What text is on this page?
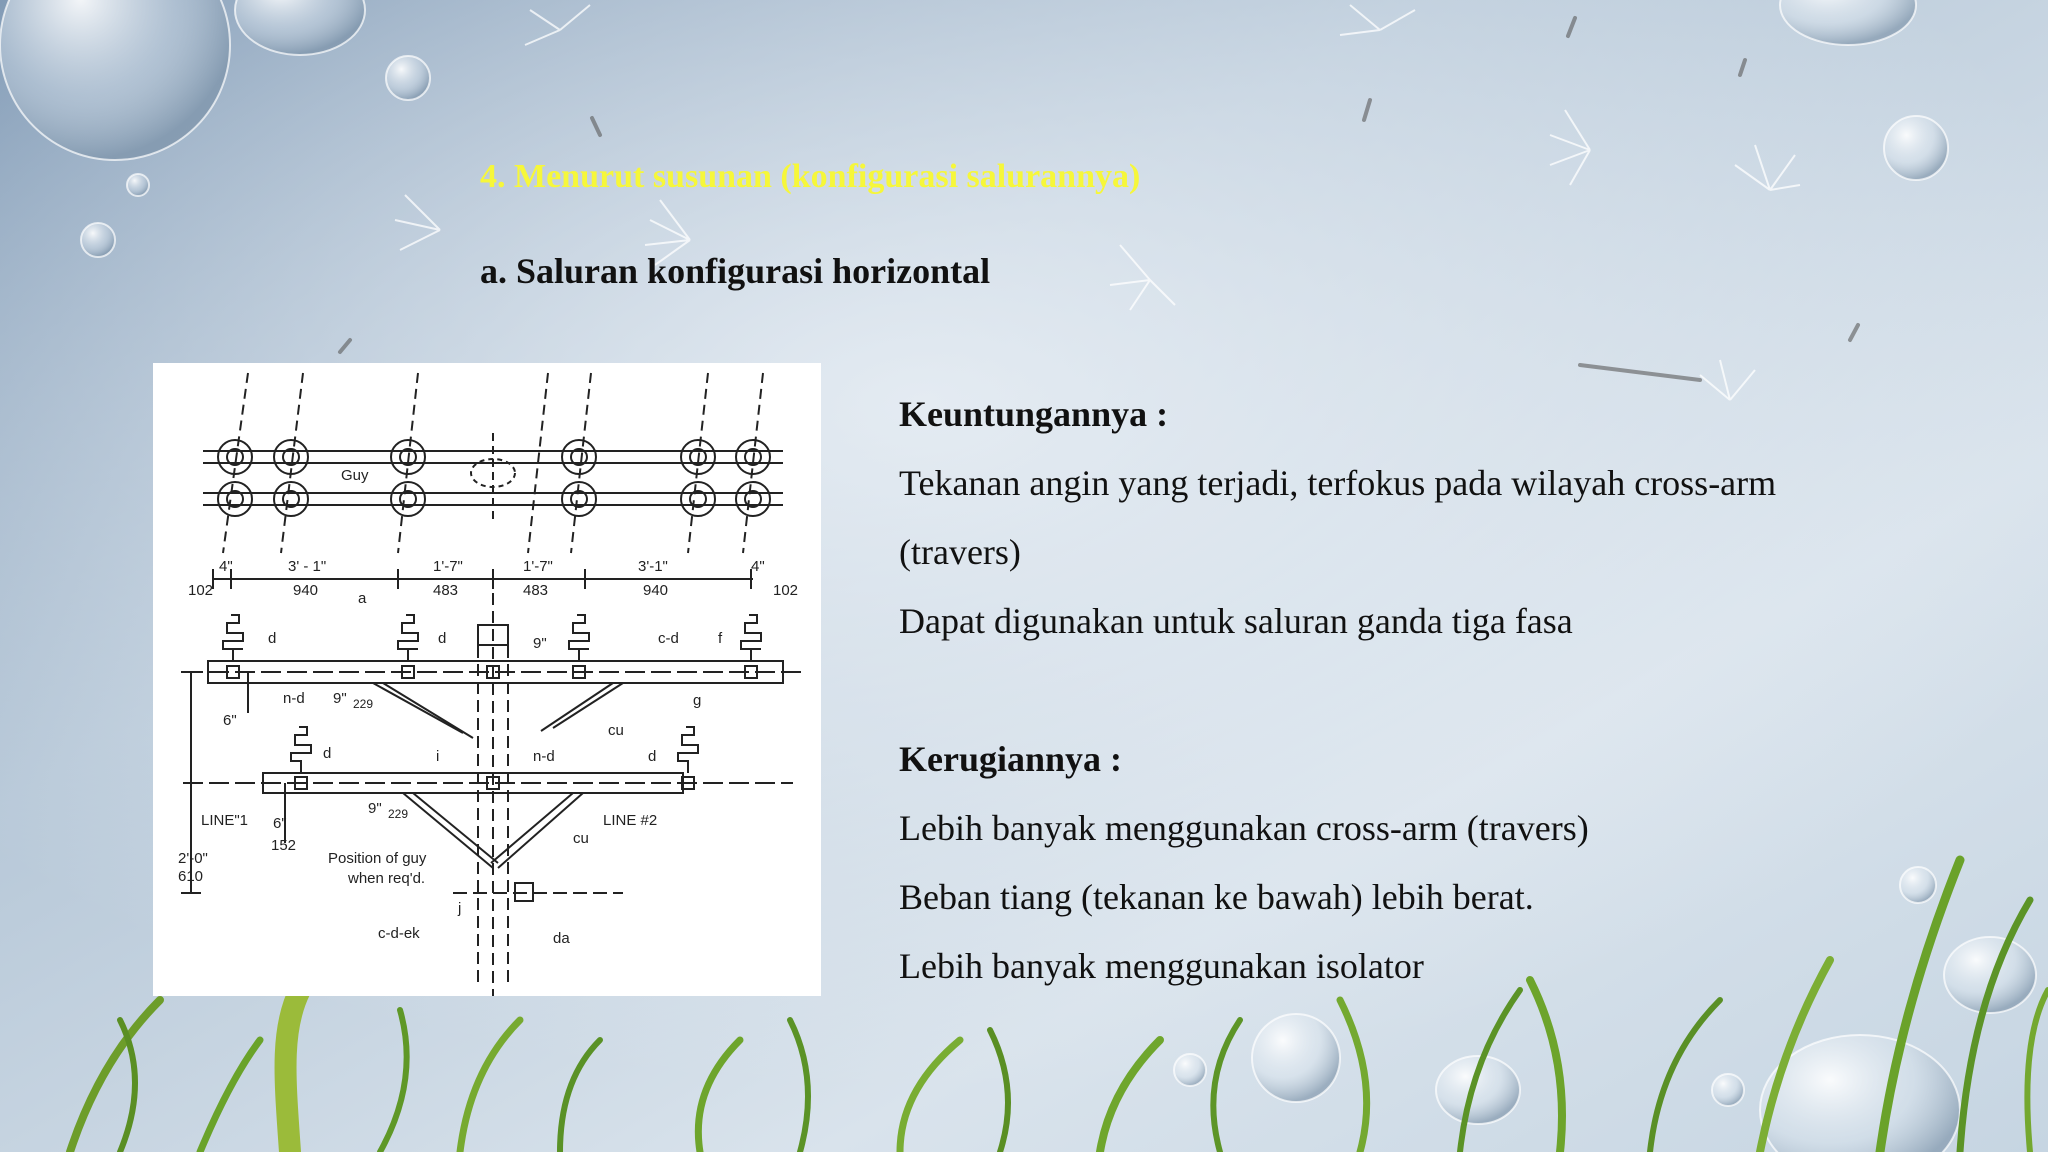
4. Menurut susunan (konfigurasi salurannya)
a. Saluran konfigurasi horizontal
Guy
4"	3' - 1"	1'-7"	1'-7"	3'-1"	4"
102	940	483	483	940	102
a
d	d	c-d	f
n-d	g
cu
6"
9" 229
9"
d	i	n-d	d
LINE"1	LINE #2
9" 229
2'-0"
610
6"
152
Position of guy
when req'd.
cu
j
c-d-ek	da
Keuntungannya :
Tekanan angin yang terjadi, terfokus pada wilayah cross-arm
(travers)
Dapat digunakan untuk saluran ganda tiga fasa
Kerugiannya :
Lebih banyak menggunakan cross-arm (travers)
Beban tiang (tekanan ke bawah) lebih berat.
Lebih banyak menggunakan isolator
